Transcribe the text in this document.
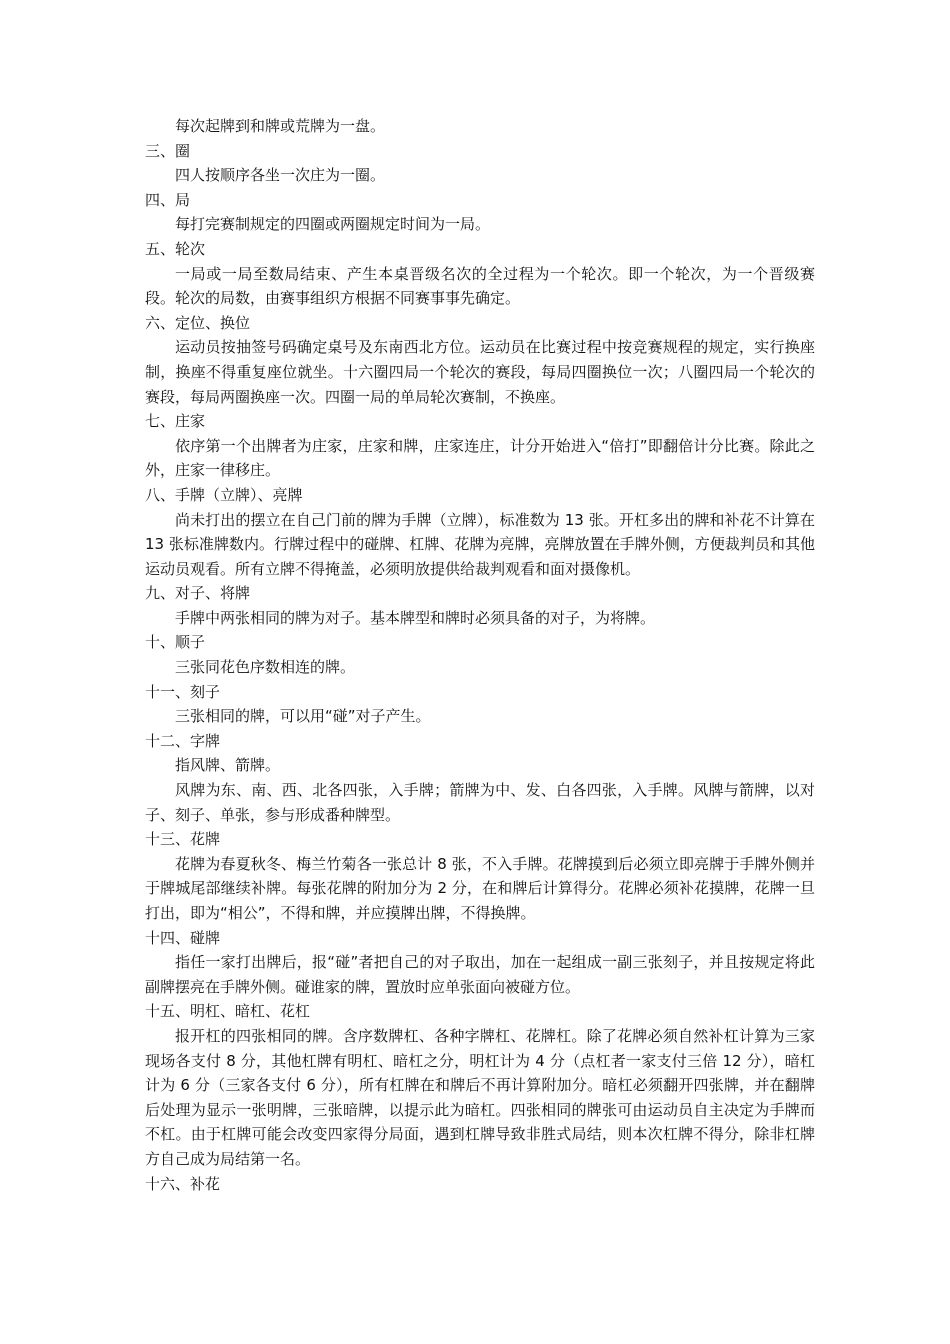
每次起牌到和牌或荒牌为一盘。

三、圈

四人按顺序各坐一次庄为一圈。

四、局

每打完赛制规定的四圈或两圈规定时间为一局。

五、轮次

一局或一局至数局结束、产生本桌晋级名次的全过程为一个轮次。即一个轮次，为一个晋级赛段。轮次的局数，由赛事组织方根据不同赛事事先确定。

六、定位、换位

运动员按抽签号码确定桌号及东南西北方位。运动员在比赛过程中按竞赛规程的规定，实行换座制，换座不得重复座位就坐。十六圈四局一个轮次的赛段，每局四圈换位一次；八圈四局一个轮次的赛段，每局两圈换座一次。四圈一局的单局轮次赛制，不换座。

七、庄家

依序第一个出牌者为庄家，庄家和牌，庄家连庄，计分开始进入“倍打”即翻倍计分比赛。除此之外，庄家一律移庄。

八、手牌（立牌）、亮牌

尚未打出的摆立在自己门前的牌为手牌（立牌），标准数为 13 张。开杠多出的牌和补花不计算在 13 张标准牌数内。行牌过程中的碰牌、杠牌、花牌为亮牌，亮牌放置在手牌外侧，方便裁判员和其他运动员观看。所有立牌不得掩盖，必须明放提供给裁判观看和面对摄像机。

九、对子、将牌

手牌中两张相同的牌为对子。基本牌型和牌时必须具备的对子，为将牌。

十、顺子

三张同花色序数相连的牌。

十一、刻子

三张相同的牌，可以用“碰”对子产生。

十二、字牌

指风牌、箭牌。

风牌为东、南、西、北各四张，入手牌；箭牌为中、发、白各四张，入手牌。风牌与箭牌，以对子、刻子、单张，参与形成番种牌型。

十三、花牌

花牌为春夏秋冬、梅兰竹菊各一张总计 8 张，不入手牌。花牌摸到后必须立即亮牌于手牌外侧并于牌城尾部继续补牌。每张花牌的附加分为 2 分，在和牌后计算得分。花牌必须补花摸牌，花牌一旦打出，即为“相公”，不得和牌，并应摸牌出牌，不得换牌。

十四、碰牌

指任一家打出牌后，报“碰”者把自己的对子取出，加在一起组成一副三张刻子，并且按规定将此副牌摆亮在手牌外侧。碰谁家的牌，置放时应单张面向被碰方位。

十五、明杠、暗杠、花杠

报开杠的四张相同的牌。含序数牌杠、各种字牌杠、花牌杠。除了花牌必须自然补杠计算为三家现场各支付 8 分，其他杠牌有明杠、暗杠之分，明杠计为 4 分（点杠者一家支付三倍 12 分），暗杠计为 6 分（三家各支付 6 分），所有杠牌在和牌后不再计算附加分。暗杠必须翻开四张牌，并在翻牌后处理为显示一张明牌，三张暗牌，以提示此为暗杠。四张相同的牌张可由运动员自主决定为手牌而不杠。由于杠牌可能会改变四家得分局面，遇到杠牌导致非胜式局结，则本次杠牌不得分，除非杠牌方自己成为局结第一名。

十六、补花
